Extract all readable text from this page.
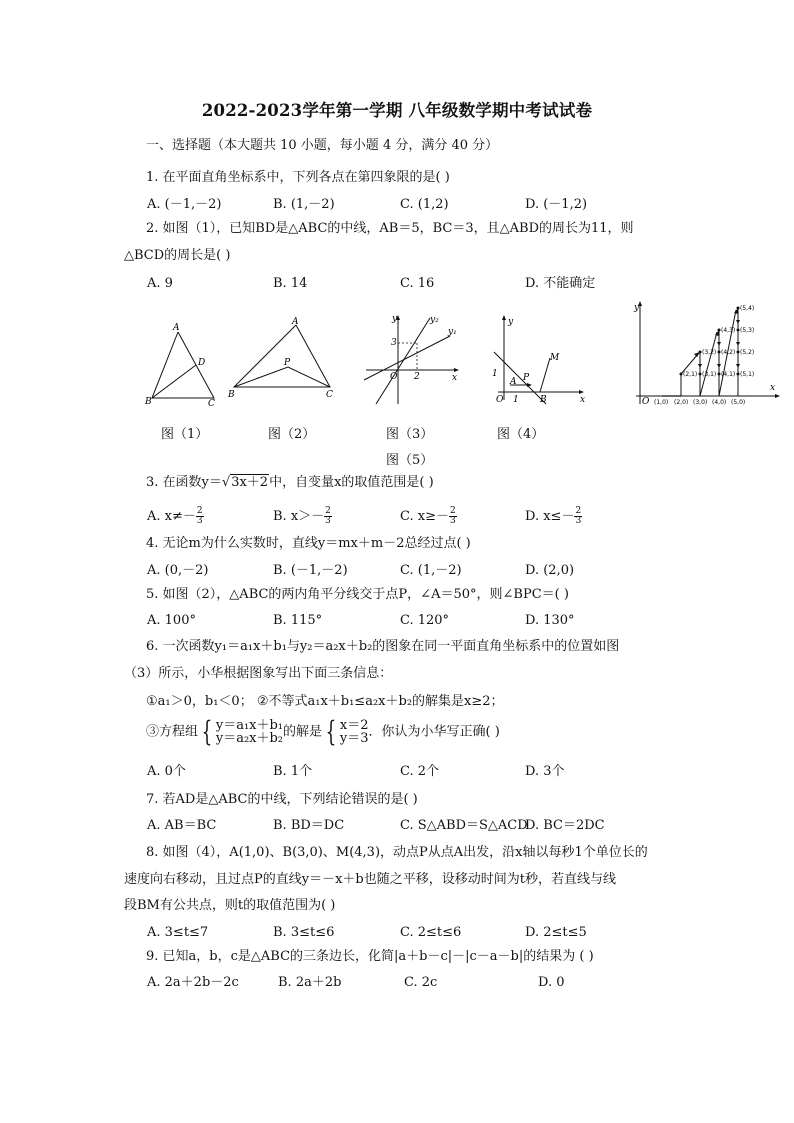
2022-2023学年第一学期 八年级数学期中考试试卷
一、选择题（本大题共 10 小题，每小题 4 分，满分 40 分）
1. 在平面直角坐标系中，下列各点在第四象限的是( )
A. (－1,－2)	B. (1,－2)	C. (1,2)	D. (－1,2)
2. 如图（1），已知BD是△ABC的中线，AB＝5，BC＝3，且△ABD的周长为11，则
△BCD的周长是( )
A. 9	B. 14	C. 16	D. 不能确定
A
B	C
D
图（1）
A
B	C
P
图（2）
y
x
O
y₂
y₁
3
2
图（3）
y
x
O
A
B
P
M
1
1
图（4）
y
x
O (1,0) (2,0) (3,0) (4,0) (5,0)
(2,1) (3,1) (4,1) (5,1)
(3,2) (4,2) (5,2)
(4,3) (5,3)
(5,4)
图（5）
3. 在函数y＝√3x＋2中，自变量x的取值范围是( )
A. $x\ne- \frac{2}{3}$	B. $x>- \frac{2}{3}$	C. $x\ge- \frac{2}{3}$	D. $x\le- \frac{2}{3}$
4. 无论m为什么实数时，直线y＝mx＋m－2总经过点( )
A. (0,－2)	B. (－1,－2)	C. (1,－2)	D. (2,0)
5. 如图（2），△ABC的两内角平分线交于点P，∠A＝50°，则∠BPC＝( )
A. 100°	B. 115°	C. 120°	D. 130°
6. 一次函数y₁＝a₁x＋b₁与y₂＝a₂x＋b₂的图象在同一平面直角坐标系中的位置如图
（3）所示，小华根据图象写出下面三条信息：
①a₁＞0，b₁＜0； ②不等式a₁x＋b₁≤a₂x＋b₂的解集是x≥2；
③方程组 { y＝a₁x＋b₁
y＝a₂x＋b₂ 的解是 { x＝2
y＝3 ．你认为小华写正确( )
A. 0个	B. 1个	C. 2个	D. 3个
7. 若AD是△ABC的中线，下列结论错误的是( )
A. AB＝BC	B. BD＝DC	C. S△ABD＝S△ACD
D. BC＝2DC
8. 如图（4），A(1,0)、B(3,0)、M(4,3)，动点P从点A出发，沿x轴以每秒1个单位长的
速度向右移动，且过点P的直线y＝－x＋b也随之平移，设移动时间为t秒，若直线与线
段BM有公共点，则t的取值范围为( )
A. 3≤t≤7	B. 3≤t≤6	C. 2≤t≤6	D. 2≤t≤5
9. 已知a，b，c是△ABC的三条边长，化简|a＋b－c|－|c－a－b|的结果为 ( )
A. 2a＋2b－2c	B. 2a＋2b	C. 2c	D. 0
